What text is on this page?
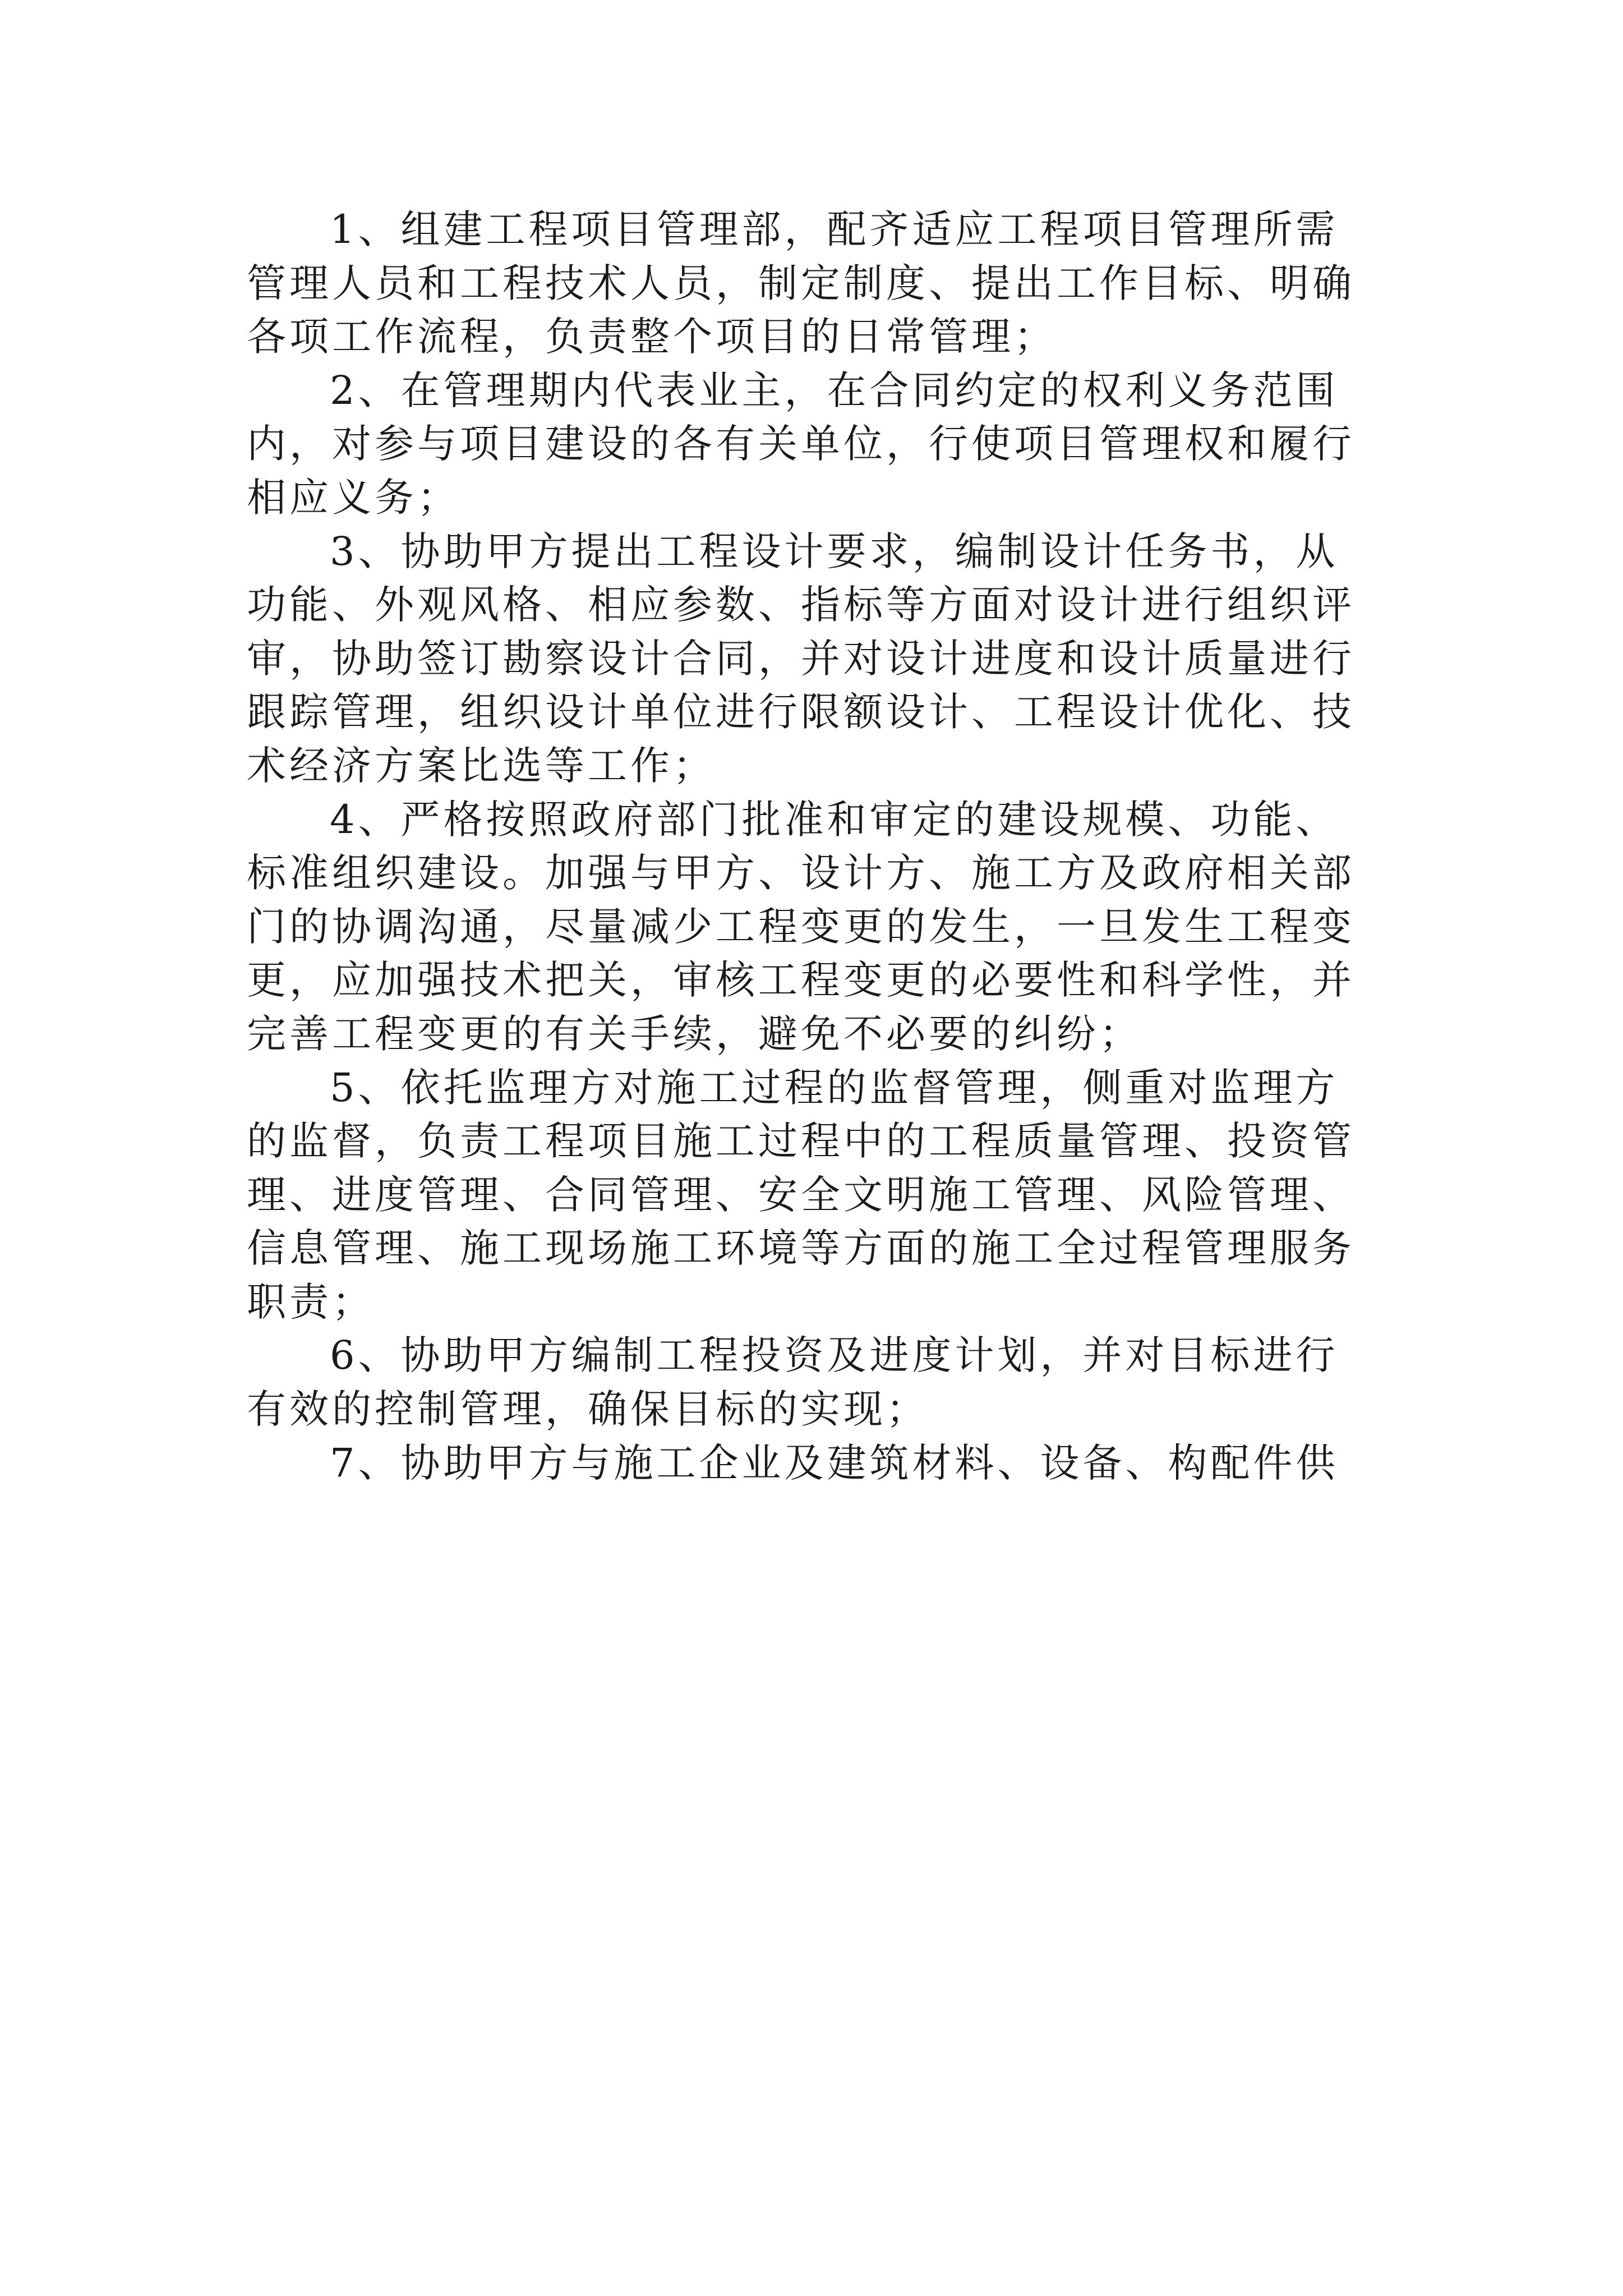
1、组建工程项目管理部，配齐适应工程项目管理所需
管理人员和工程技术人员，制定制度、提出工作目标、明确
各项工作流程，负责整个项目的日常管理；
2、在管理期内代表业主，在合同约定的权利义务范围
内，对参与项目建设的各有关单位，行使项目管理权和履行
相应义务；
3、协助甲方提出工程设计要求，编制设计任务书，从
功能、外观风格、相应参数、指标等方面对设计进行组织评
审，协助签订勘察设计合同，并对设计进度和设计质量进行
跟踪管理，组织设计单位进行限额设计、工程设计优化、技
术经济方案比选等工作；
4、严格按照政府部门批准和审定的建设规模、功能、
标准组织建设。加强与甲方、设计方、施工方及政府相关部
门的协调沟通，尽量减少工程变更的发生，一旦发生工程变
更，应加强技术把关，审核工程变更的必要性和科学性，并
完善工程变更的有关手续，避免不必要的纠纷；
5、依托监理方对施工过程的监督管理，侧重对监理方
的监督，负责工程项目施工过程中的工程质量管理、投资管
理、进度管理、合同管理、安全文明施工管理、风险管理、
信息管理、施工现场施工环境等方面的施工全过程管理服务
职责；
6、协助甲方编制工程投资及进度计划，并对目标进行
有效的控制管理，确保目标的实现；
7、协助甲方与施工企业及建筑材料、设备、构配件供
